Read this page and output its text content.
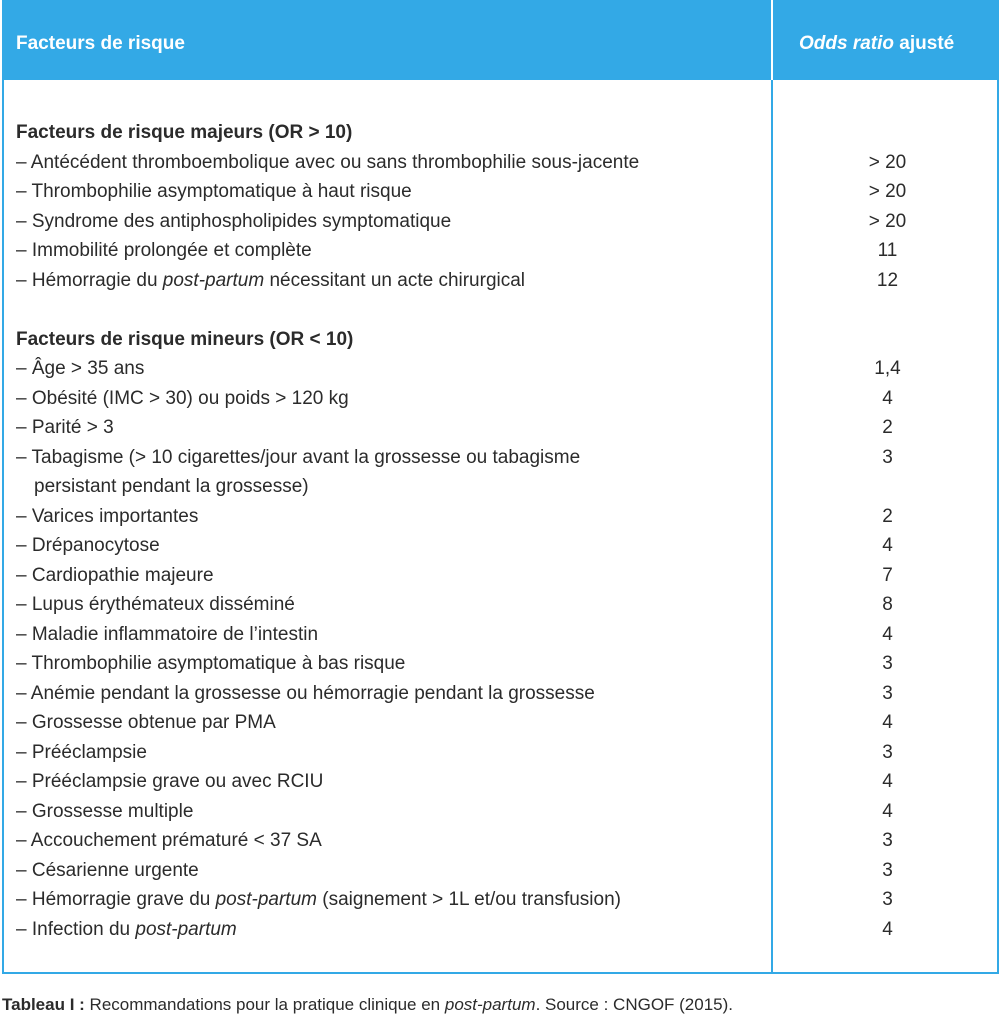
Facteurs de risque	Odds ratio ajusté
Facteurs de risque majeurs (OR > 10)
– Antécédent thromboembolique avec ou sans thrombophilie sous-jacente	> 20
– Thrombophilie asymptomatique à haut risque	> 20
– Syndrome des antiphospholipides symptomatique	> 20
– Immobilité prolongée et complète	11
– Hémorragie du post-partum nécessitant un acte chirurgical	12
Facteurs de risque mineurs (OR < 10)
– Âge > 35 ans	1,4
– Obésité (IMC > 30) ou poids > 120 kg	4
– Parité > 3	2
– Tabagisme (> 10 cigarettes/jour avant la grossesse ou tabagisme	3
persistant pendant la grossesse)
– Varices importantes	2
– Drépanocytose	4
– Cardiopathie majeure	7
– Lupus érythémateux disséminé	8
– Maladie inflammatoire de l’intestin	4
– Thrombophilie asymptomatique à bas risque	3
– Anémie pendant la grossesse ou hémorragie pendant la grossesse	3
– Grossesse obtenue par PMA	4
– Prééclampsie	3
– Prééclampsie grave ou avec RCIU	4
– Grossesse multiple	4
– Accouchement prématuré < 37 SA	3
– Césarienne urgente	3
– Hémorragie grave du post-partum (saignement > 1L et/ou transfusion)	3
– Infection du post-partum	4
Tableau I : Recommandations pour la pratique clinique en post-partum. Source : CNGOF (2015).
